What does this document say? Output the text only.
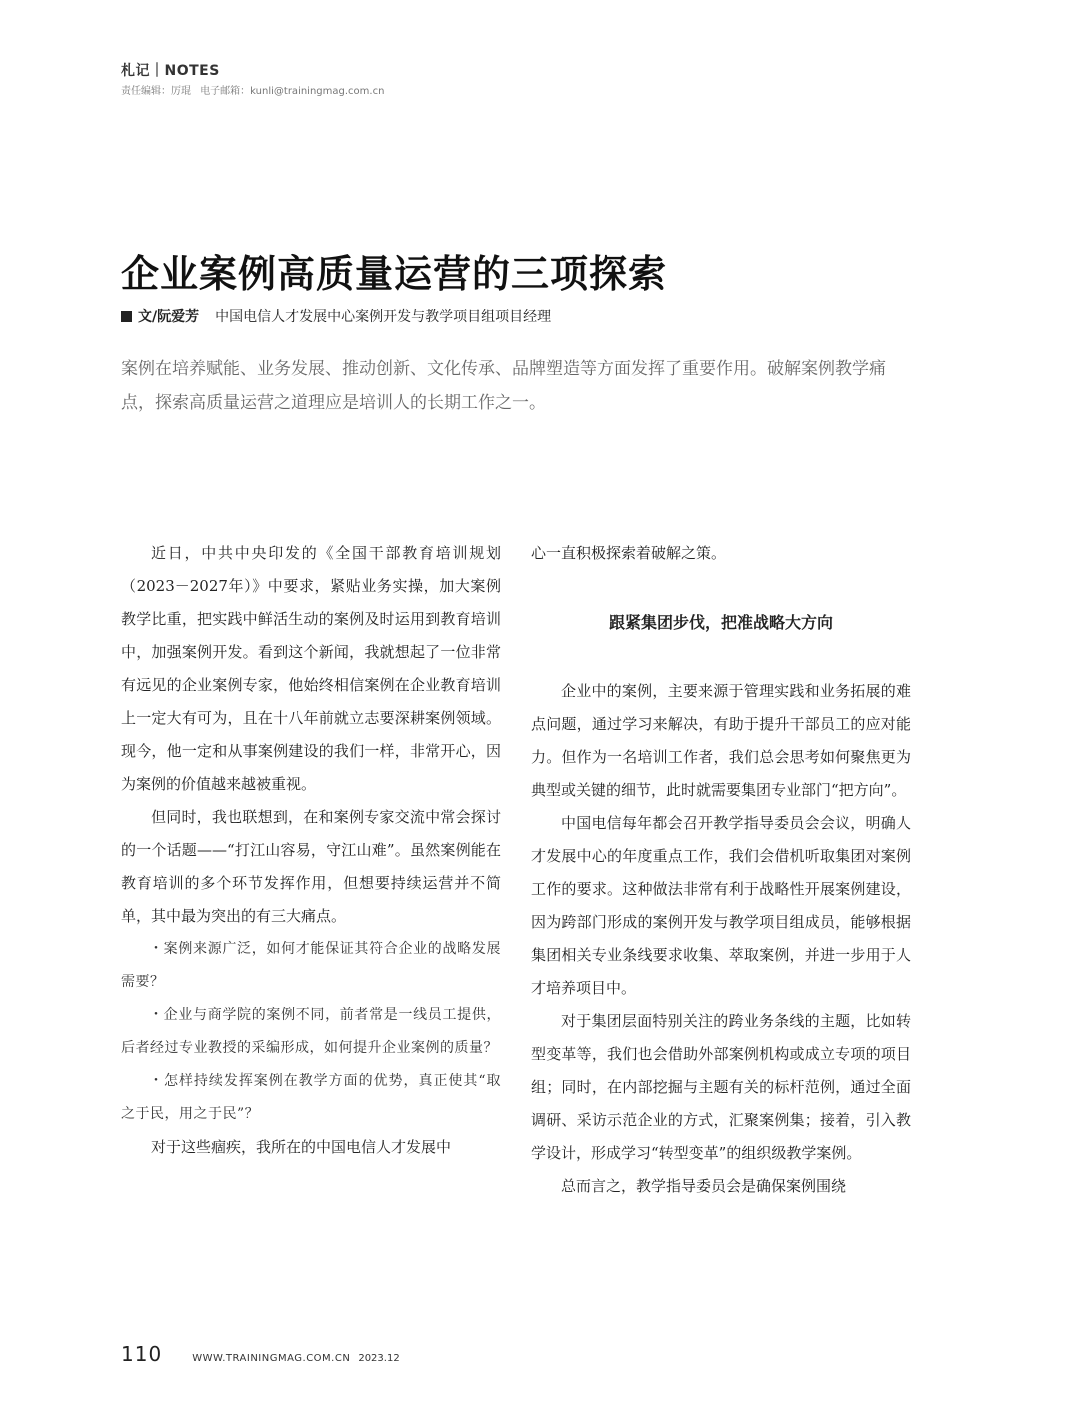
札记｜NOTES
责任编辑：厉琨 电子邮箱：kunli@trainingmag.com.cn
企业案例高质量运营的三项探索
文/阮爱芳 中国电信人才发展中心案例开发与教学项目组项目经理
案例在培养赋能、业务发展、推动创新、文化传承、品牌塑造等方面发挥了重要作用。破解案例教学痛点，探索高质量运营之道理应是培训人的长期工作之一。

近日，中共中央印发的《全国干部教育培训规划（2023－2027年）》中要求，紧贴业务实操，加大案例教学比重，把实践中鲜活生动的案例及时运用到教育培训中，加强案例开发。看到这个新闻，我就想起了一位非常有远见的企业案例专家，他始终相信案例在企业教育培训上一定大有可为，且在十八年前就立志要深耕案例领域。现今，他一定和从事案例建设的我们一样，非常开心，因为案例的价值越来越被重视。

但同时，我也联想到，在和案例专家交流中常会探讨的一个话题——“打江山容易，守江山难”。虽然案例能在教育培训的多个环节发挥作用，但想要持续运营并不简单，其中最为突出的有三大痛点。

・案例来源广泛，如何才能保证其符合企业的战略发展需要？

・企业与商学院的案例不同，前者常是一线员工提供，后者经过专业教授的采编形成，如何提升企业案例的质量？

・怎样持续发挥案例在教学方面的优势，真正使其“取之于民，用之于民”？

对于这些痼疾，我所在的中国电信人才发展中

心一直积极探索着破解之策。

跟紧集团步伐，把准战略大方向

企业中的案例，主要来源于管理实践和业务拓展的难点问题，通过学习来解决，有助于提升干部员工的应对能力。但作为一名培训工作者，我们总会思考如何聚焦更为典型或关键的细节，此时就需要集团专业部门“把方向”。

中国电信每年都会召开教学指导委员会会议，明确人才发展中心的年度重点工作，我们会借机听取集团对案例工作的要求。这种做法非常有利于战略性开展案例建设，因为跨部门形成的案例开发与教学项目组成员，能够根据集团相关专业条线要求收集、萃取案例，并进一步用于人才培养项目中。

对于集团层面特别关注的跨业务条线的主题，比如转型变革等，我们也会借助外部案例机构或成立专项的项目组；同时，在内部挖掘与主题有关的标杆范例，通过全面调研、采访示范企业的方式，汇聚案例集；接着，引入教学设计，形成学习“转型变革”的组织级教学案例。

总而言之，教学指导委员会是确保案例围绕

110	WWW.TRAININGMAG.COM.CN 2023.12
